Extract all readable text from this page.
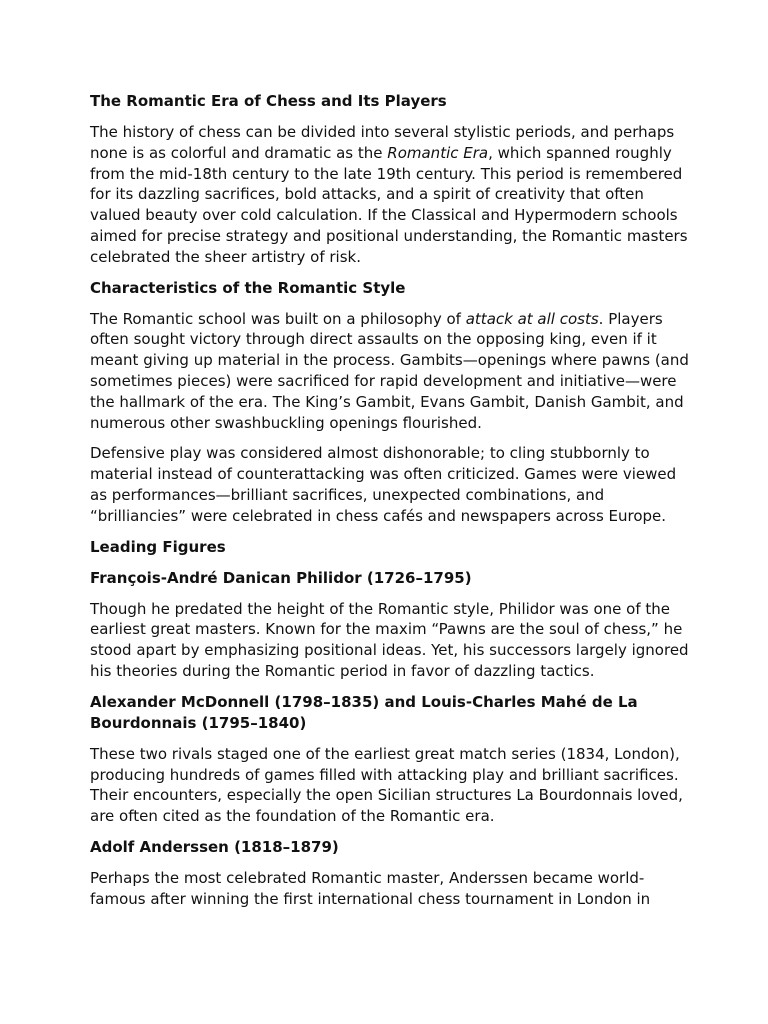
The Romantic Era of Chess and Its Players
The history of chess can be divided into several stylistic periods, and perhaps none is as colorful and dramatic as the Romantic Era, which spanned roughly from the mid-18th century to the late 19th century. This period is remembered for its dazzling sacrifices, bold attacks, and a spirit of creativity that often valued beauty over cold calculation. If the Classical and Hypermodern schools aimed for precise strategy and positional understanding, the Romantic masters celebrated the sheer artistry of risk.
Characteristics of the Romantic Style
The Romantic school was built on a philosophy of attack at all costs. Players often sought victory through direct assaults on the opposing king, even if it meant giving up material in the process. Gambits—openings where pawns (and sometimes pieces) were sacrificed for rapid development and initiative—were the hallmark of the era. The King’s Gambit, Evans Gambit, Danish Gambit, and numerous other swashbuckling openings flourished.
Defensive play was considered almost dishonorable; to cling stubbornly to material instead of counterattacking was often criticized. Games were viewed as performances—brilliant sacrifices, unexpected combinations, and “brilliancies” were celebrated in chess cafés and newspapers across Europe.
Leading Figures
François-André Danican Philidor (1726–1795)
Though he predated the height of the Romantic style, Philidor was one of the earliest great masters. Known for the maxim “Pawns are the soul of chess,” he stood apart by emphasizing positional ideas. Yet, his successors largely ignored his theories during the Romantic period in favor of dazzling tactics.
Alexander McDonnell (1798–1835) and Louis-Charles Mahé de La Bourdonnais (1795–1840)
These two rivals staged one of the earliest great match series (1834, London), producing hundreds of games filled with attacking play and brilliant sacrifices. Their encounters, especially the open Sicilian structures La Bourdonnais loved, are often cited as the foundation of the Romantic era.
Adolf Anderssen (1818–1879)
Perhaps the most celebrated Romantic master, Anderssen became world-famous after winning the first international chess tournament in London in
